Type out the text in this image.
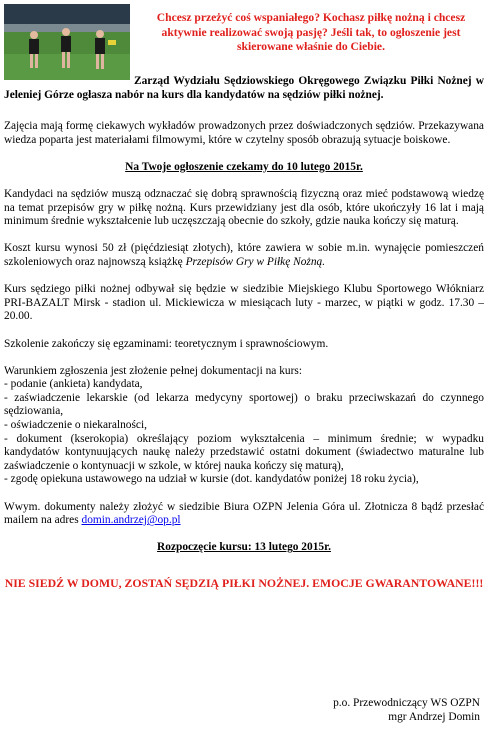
Chcesz przeżyć coś wspaniałego? Kochasz piłkę nożną i chcesz aktywnie realizować swoją pasję? Jeśli tak, to ogłoszenie jest skierowane właśnie do Ciebie.
Zarząd Wydziału Sędziowskiego Okręgowego Związku Piłki Nożnej w Jeleniej Górze ogłasza nabór na kurs dla kandydatów na sędziów piłki nożnej.

Zajęcia mają formę ciekawych wykładów prowadzonych przez doświadczonych sędziów. Przekazywana wiedza poparta jest materiałami filmowymi, które w czytelny sposób obrazują sytuacje boiskowe.

Na Twoje ogłoszenie czekamy do 10 lutego 2015r.

Kandydaci na sędziów muszą odznaczać się dobrą sprawnością fizyczną oraz mieć podstawową wiedzę na temat przepisów gry w piłkę nożną. Kurs przewidziany jest dla osób, które ukończyły 16 lat i mają minimum średnie wykształcenie lub uczęszczają obecnie do szkoły, gdzie nauka kończy się maturą.

Koszt kursu wynosi 50 zł (pięćdziesiąt złotych), które zawiera w sobie m.in. wynajęcie pomieszczeń szkoleniowych oraz najnowszą książkę Przepisów Gry w Piłkę Nożną.

Kurs sędziego piłki nożnej odbywał się będzie w siedzibie Miejskiego Klubu Sportowego Włókniarz PRI-BAZALT Mirsk - stadion ul. Mickiewicza w miesiącach luty - marzec, w piątki w godz. 17.30 – 20.00.

Szkolenie zakończy się egzaminami: teoretycznym i sprawnościowym.

Warunkiem zgłoszenia jest złożenie pełnej dokumentacji na kurs:
- podanie (ankieta) kandydata,
- zaświadczenie lekarskie (od lekarza medycyny sportowej) o braku przeciwskazań do czynnego sędziowania,
- oświadczenie o niekaralności,
- dokument (kserokopia) określający poziom wykształcenia – minimum średnie; w wypadku kandydatów kontynuujących naukę należy przedstawić ostatni dokument (świadectwo maturalne lub zaświadczenie o kontynuacji w szkole, w której nauka kończy się maturą),
- zgodę opiekuna ustawowego na udział w kursie (dot. kandydatów poniżej 18 roku życia),

Wwym. dokumenty należy złożyć w siedzibie Biura OZPN Jelenia Góra ul. Złotnicza 8 bądź przesłać mailem na adres domin.andrzej@op.pl

Rozpoczęcie kursu: 13 lutego 2015r.

NIE SIEDŹ W DOMU, ZOSTAŃ SĘDZIĄ PIŁKI NOŻNEJ. EMOCJE GWARANTOWANE!!!
p.o. Przewodniczący WS OZPN
mgr Andrzej Domin
